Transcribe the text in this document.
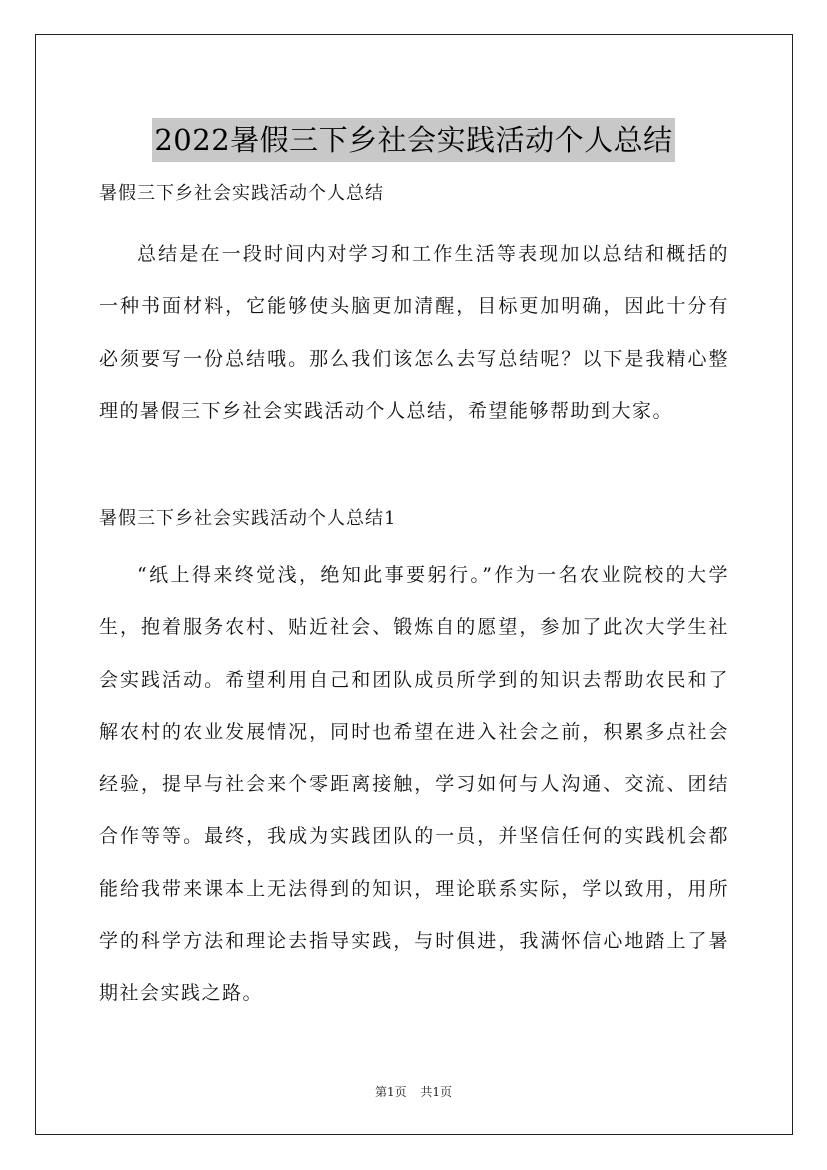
2022暑假三下乡社会实践活动个人总结

暑假三下乡社会实践活动个人总结

总结是在一段时间内对学习和工作生活等表现加以总结和概括的一种书面材料，它能够使头脑更加清醒，目标更加明确，因此十分有必须要写一份总结哦。那么我们该怎么去写总结呢？以下是我精心整理的暑假三下乡社会实践活动个人总结，希望能够帮助到大家。

暑假三下乡社会实践活动个人总结1

“纸上得来终觉浅，绝知此事要躬行。”作为一名农业院校的大学生，抱着服务农村、贴近社会、锻炼自的愿望，参加了此次大学生社会实践活动。希望利用自己和团队成员所学到的知识去帮助农民和了解农村的农业发展情况，同时也希望在进入社会之前，积累多点社会经验，提早与社会来个零距离接触，学习如何与人沟通、交流、团结合作等等。最终，我成为实践团队的一员，并坚信任何的实践机会都能给我带来课本上无法得到的知识，理论联系实际，学以致用，用所学的科学方法和理论去指导实践，与时俱进，我满怀信心地踏上了暑期社会实践之路。

第1页 共1页
